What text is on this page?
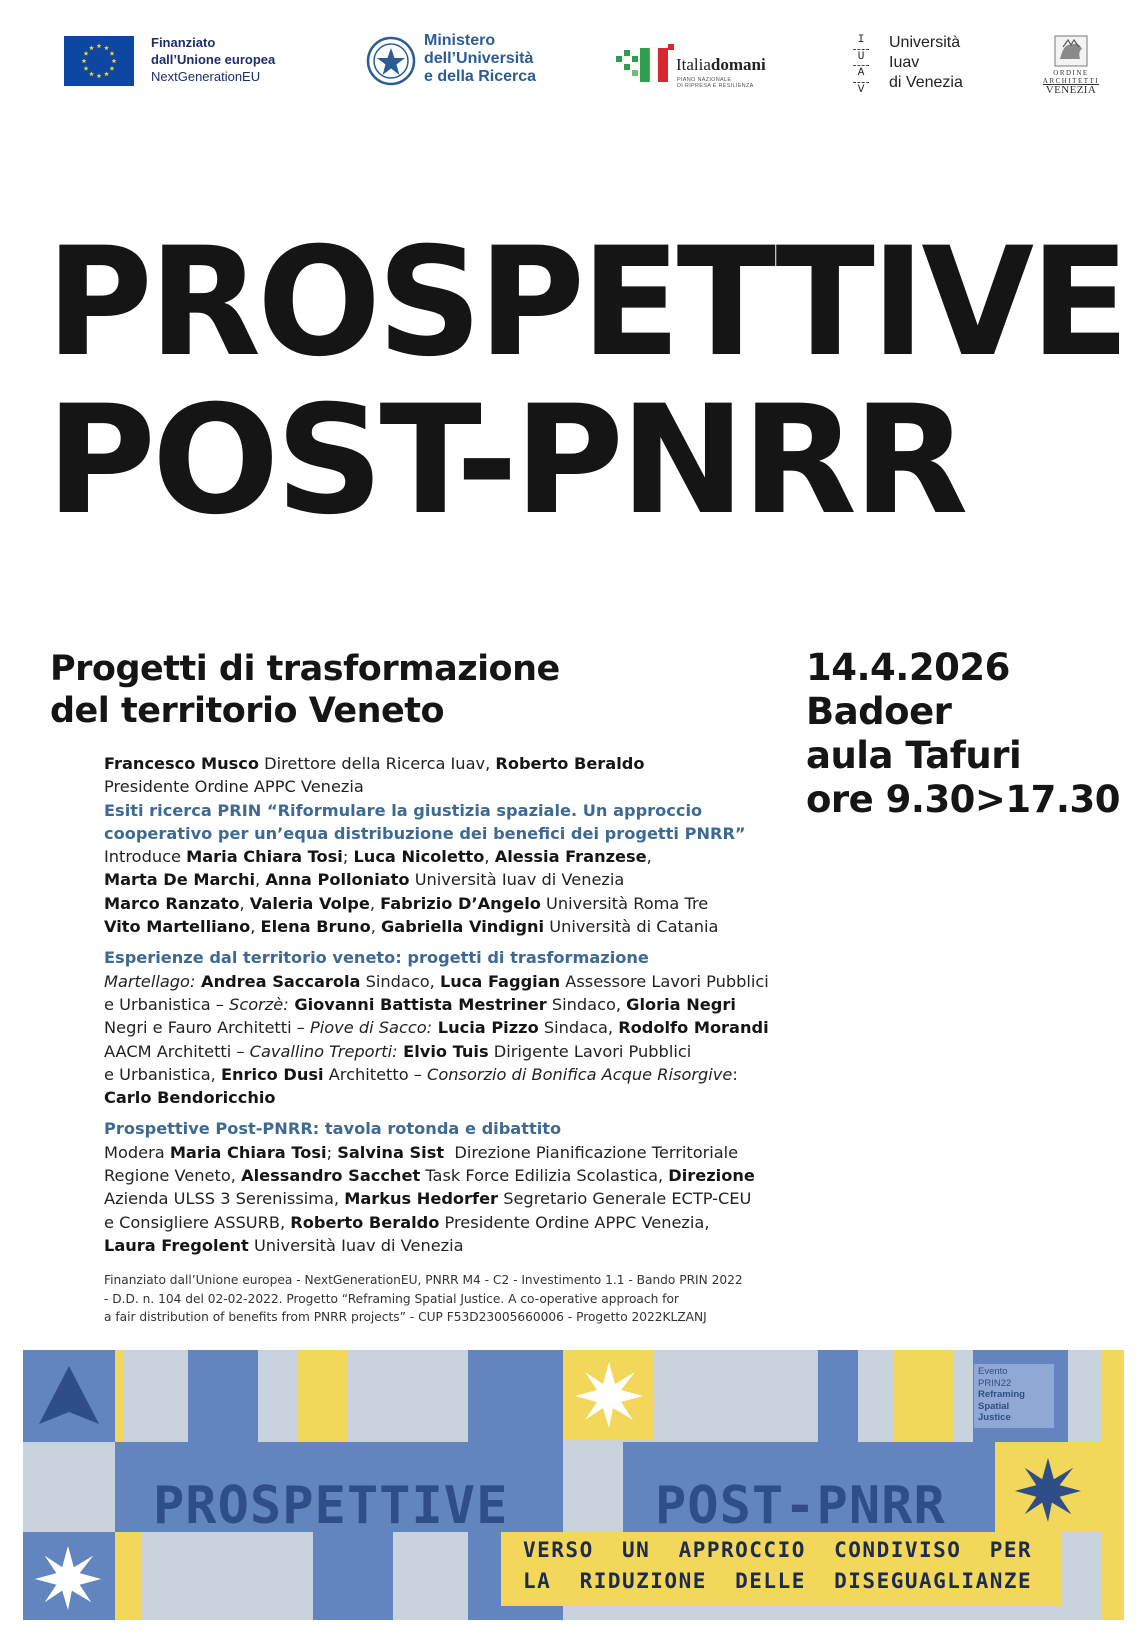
Finanziato
dall’Unione europea
NextGenerationEU
Ministero
dell’Università
e della Ricerca
Italiadomani
PIANO NAZIONALE
DI RIPRESA E RESILIENZA
I
U
A
V
Università
Iuav
di Venezia
ORDINE
ARCHITETTI
VENEZIA
PROSPETTIVE
POST-PNRR
Progetti di trasformazione
del territorio Veneto
14.4.2026
Badoer
aula Tafuri
ore 9.30>17.30
Francesco Musco Direttore della Ricerca Iuav, Roberto Beraldo
Presidente Ordine APPC Venezia
Esiti ricerca PRIN “Riformulare la giustizia spaziale. Un approccio
cooperativo per un’equa distribuzione dei benefici dei progetti PNRR”
Introduce Maria Chiara Tosi; Luca Nicoletto, Alessia Franzese,
Marta De Marchi, Anna Polloniato Università Iuav di Venezia
Marco Ranzato, Valeria Volpe, Fabrizio D’Angelo Università Roma Tre
Vito Martelliano, Elena Bruno, Gabriella Vindigni Università di Catania
Esperienze dal territorio veneto: progetti di trasformazione
Martellago: Andrea Saccarola Sindaco, Luca Faggian Assessore Lavori Pubblici
e Urbanistica – Scorzè: Giovanni Battista Mestriner Sindaco, Gloria Negri
Negri e Fauro Architetti – Piove di Sacco: Lucia Pizzo Sindaca, Rodolfo Morandi
AACM Architetti – Cavallino Treporti: Elvio Tuis Dirigente Lavori Pubblici
e Urbanistica, Enrico Dusi Architetto – Consorzio di Bonifica Acque Risorgive:
Carlo Bendoricchio
Prospettive Post-PNRR: tavola rotonda e dibattito
Modera Maria Chiara Tosi; Salvina Sist  Direzione Pianificazione Territoriale
Regione Veneto, Alessandro Sacchet Task Force Edilizia Scolastica, Direzione
Azienda ULSS 3 Serenissima, Markus Hedorfer Segretario Generale ECTP-CEU
e Consigliere ASSURB, Roberto Beraldo Presidente Ordine APPC Venezia,
Laura Fregolent Università Iuav di Venezia
Finanziato dall’Unione europea - NextGenerationEU, PNRR M4 - C2 - Investimento 1.1 - Bando PRIN 2022
- D.D. n. 104 del 02-02-2022. Progetto “Reframing Spatial Justice. A co-operative approach for
a fair distribution of benefits from PNRR projects” - CUP F53D23005660006 - Progetto 2022KLZANJ
Evento
PRIN22
Reframing
Spatial
Justice
PROSPETTIVE	POST-PNRR
VERSO  UN  APPROCCIO  CONDIVISO  PER
LA  RIDUZIONE  DELLE  DISEGUAGLIANZE
